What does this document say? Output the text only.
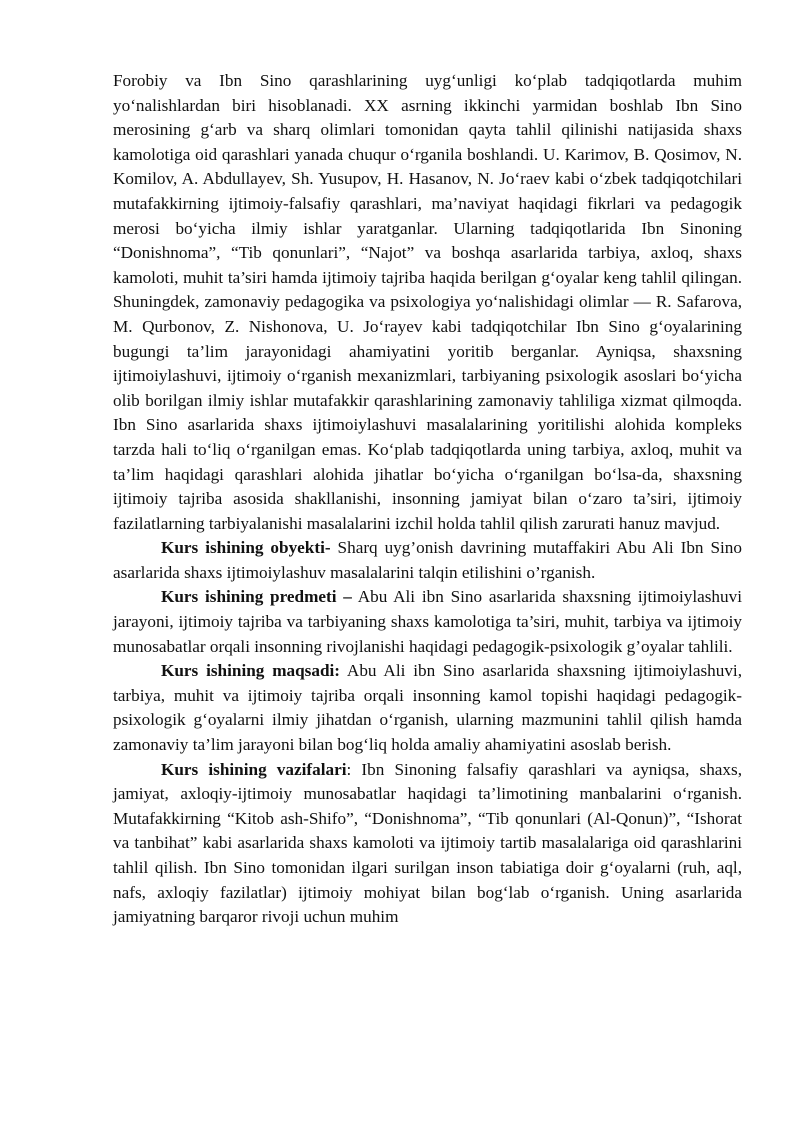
Forobiy va Ibn Sino qarashlarining uyg‘unligi ko‘plab tadqiqotlarda muhim yo‘nalishlardan biri hisoblanadi. XX asrning ikkinchi yarmidan boshlab Ibn Sino merosining g‘arb va sharq olimlari tomonidan qayta tahlil qilinishi natijasida shaxs kamolotiga oid qarashlari yanada chuqur o‘rganila boshlandi. U. Karimov, B. Qosimov, N. Komilov, A. Abdullayev, Sh. Yusupov, H. Hasanov, N. Jo‘raev kabi o‘zbek tadqiqotchilari mutafakkirning ijtimoiy-falsafiy qarashlari, ma’naviyat haqidagi fikrlari va pedagogik merosi bo‘yicha ilmiy ishlar yaratganlar. Ularning tadqiqotlarida Ibn Sinoning “Donishnoma”, “Tib qonunlari”, “Najot” va boshqa asarlarida tarbiya, axloq, shaxs kamoloti, muhit ta’siri hamda ijtimoiy tajriba haqida berilgan g‘oyalar keng tahlil qilingan. Shuningdek, zamonaviy pedagogika va psixologiya yo‘nalishidagi olimlar — R. Safarova, M. Qurbonov, Z. Nishonova, U. Jo‘rayev kabi tadqiqotchilar Ibn Sino g‘oyalarining bugungi ta’lim jarayonidagi ahamiyatini yoritib berganlar. Ayniqsa, shaxsning ijtimoiylashuvi, ijtimoiy o‘rganish mexanizmlari, tarbiyaning psixologik asoslari bo‘yicha olib borilgan ilmiy ishlar mutafakkir qarashlarining zamonaviy tahliliga xizmat qilmoqda. Ibn Sino asarlarida shaxs ijtimoiylashuvi masalalarining yoritilishi alohida kompleks tarzda hali to‘liq o‘rganilgan emas. Ko‘plab tadqiqotlarda uning tarbiya, axloq, muhit va ta’lim haqidagi qarashlari alohida jihatlar bo‘yicha o‘rganilgan bo‘lsa-da, shaxsning ijtimoiy tajriba asosida shakllanishi, insonning jamiyat bilan o‘zaro ta’siri, ijtimoiy fazilatlarning tarbiyalanishi masalalarini izchil holda tahlil qilish zarurati hanuz mavjud.

Kurs ishining obyekti- Sharq uyg’onish davrining mutaffakiri Abu Ali Ibn Sino asarlarida shaxs ijtimoiylashuv masalalarini talqin etilishini o’rganish.

Kurs ishining predmeti – Abu Ali ibn Sino asarlarida shaxsning ijtimoiylashuvi jarayoni, ijtimoiy tajriba va tarbiyaning shaxs kamolotiga ta’siri, muhit, tarbiya va ijtimoiy munosabatlar orqali insonning rivojlanishi haqidagi pedagogik-psixologik g’oyalar tahlili.

Kurs ishining maqsadi: Abu Ali ibn Sino asarlarida shaxsning ijtimoiylashuvi, tarbiya, muhit va ijtimoiy tajriba orqali insonning kamol topishi haqidagi pedagogik-psixologik g‘oyalarni ilmiy jihatdan o‘rganish, ularning mazmunini tahlil qilish hamda zamonaviy ta’lim jarayoni bilan bog‘liq holda amaliy ahamiyatini asoslab berish.

Kurs ishining vazifalari: Ibn Sinoning falsafiy qarashlari va ayniqsa, shaxs, jamiyat, axloqiy-ijtimoiy munosabatlar haqidagi ta’limotining manbalarini o‘rganish. Mutafakkirning “Kitob ash-Shifo”, “Donishnoma”, “Tib qonunlari (Al-Qonun)”, “Ishorat va tanbihat” kabi asarlarida shaxs kamoloti va ijtimoiy tartib masalalariga oid qarashlarini tahlil qilish. Ibn Sino tomonidan ilgari surilgan inson tabiatiga doir g‘oyalarni (ruh, aql, nafs, axloqiy fazilatlar) ijtimoiy mohiyat bilan bog‘lab o‘rganish. Uning asarlarida jamiyatning barqaror rivoji uchun muhim
